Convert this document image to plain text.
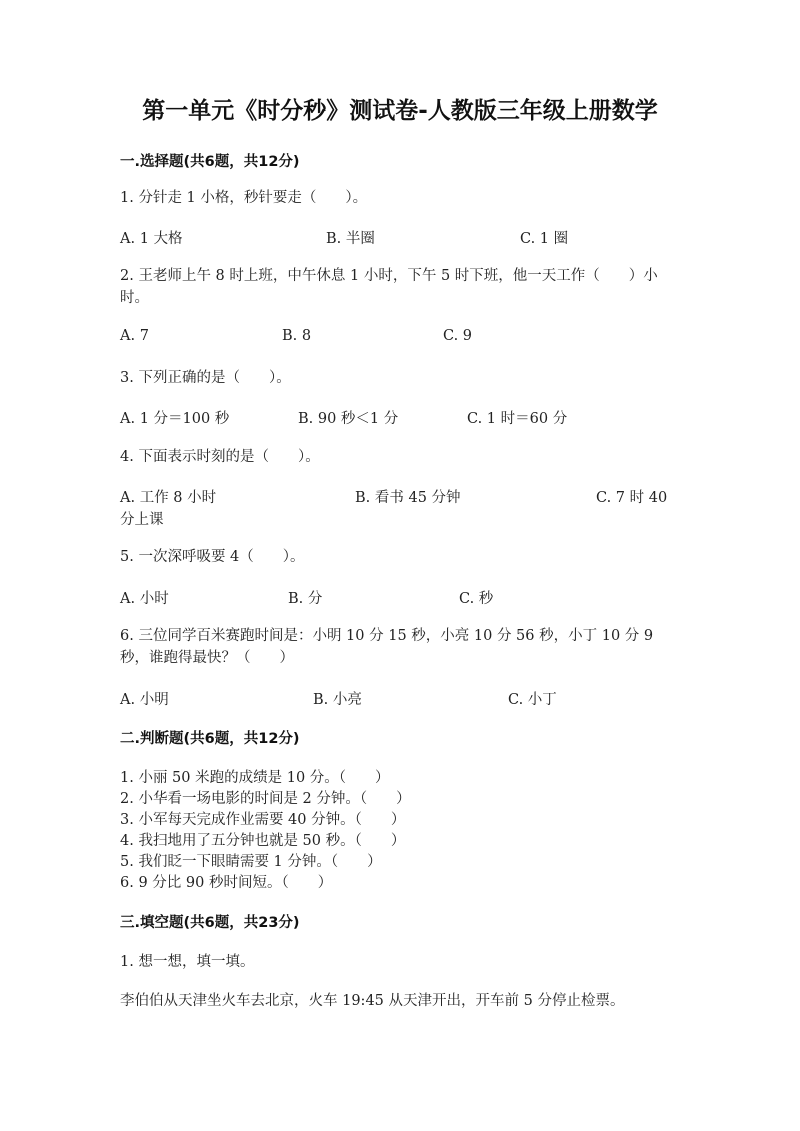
第一单元《时分秒》测试卷-人教版三年级上册数学
一.选择题(共6题，共12分)
1. 分针走 1 小格，秒针要走（　　）。
A. 1 大格	B. 半圈	C. 1 圈
2. 王老师上午 8 时上班，中午休息 1 小时，下午 5 时下班，他一天工作（　　）小时。
A. 7	B. 8	C. 9
3. 下列正确的是（　　）。
A. 1 分＝100 秒	B. 90 秒＜1 分	C. 1 时＝60 分
4. 下面表示时刻的是（　　）。
A. 工作 8 小时	B. 看书 45 分钟	C. 7 时 40
分上课
5. 一次深呼吸要 4（　　）。
A. 小时	B. 分	C. 秒
6. 三位同学百米赛跑时间是：小明 10 分 15 秒，小亮 10 分 56 秒，小丁 10 分 9 秒，谁跑得最快？（　　）
A. 小明	B. 小亮	C. 小丁
二.判断题(共6题，共12分)
1. 小丽 50 米跑的成绩是 10 分。（　　）
2. 小华看一场电影的时间是 2 分钟。（　　）
3. 小军每天完成作业需要 40 分钟。（　　）
4. 我扫地用了五分钟也就是 50 秒。（　　）
5. 我们眨一下眼睛需要 1 分钟。（　　）
6. 9 分比 90 秒时间短。（　　）
三.填空题(共6题，共23分)
1. 想一想，填一填。
李伯伯从天津坐火车去北京，火车 19:45 从天津开出，开车前 5 分停止检票。
